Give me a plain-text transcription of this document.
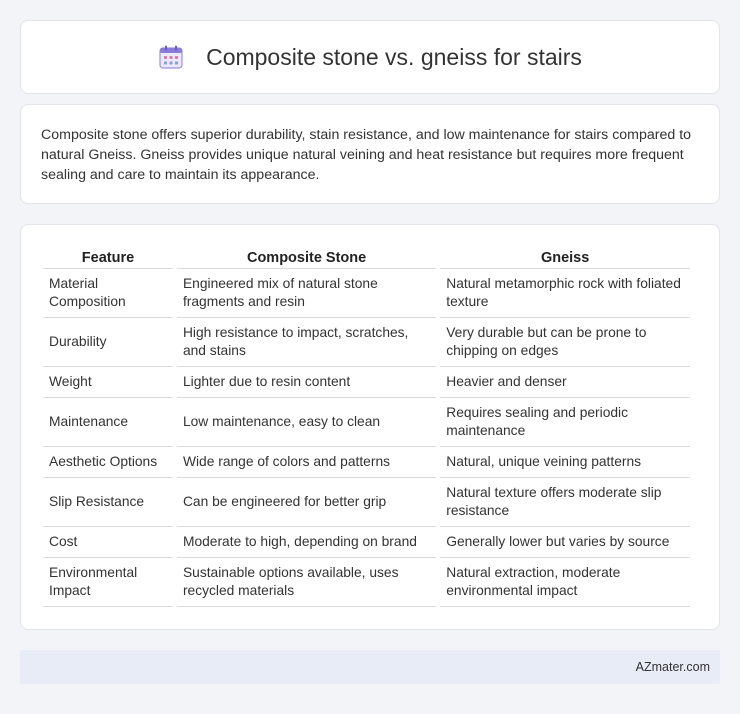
Composite stone vs. gneiss for stairs

Composite stone offers superior durability, stain resistance, and low maintenance for stairs compared to natural Gneiss. Gneiss provides unique natural veining and heat resistance but requires more frequent sealing and care to maintain its appearance.

Feature	Composite Stone	Gneiss
Material Composition	Engineered mix of natural stone fragments and resin	Natural metamorphic rock with foliated texture
Durability	High resistance to impact, scratches, and stains	Very durable but can be prone to chipping on edges
Weight	Lighter due to resin content	Heavier and denser
Maintenance	Low maintenance, easy to clean	Requires sealing and periodic maintenance
Aesthetic Options	Wide range of colors and patterns	Natural, unique veining patterns
Slip Resistance	Can be engineered for better grip	Natural texture offers moderate slip resistance
Cost	Moderate to high, depending on brand	Generally lower but varies by source
Environmental Impact	Sustainable options available, uses recycled materials	Natural extraction, moderate environmental impact
AZmater.com
